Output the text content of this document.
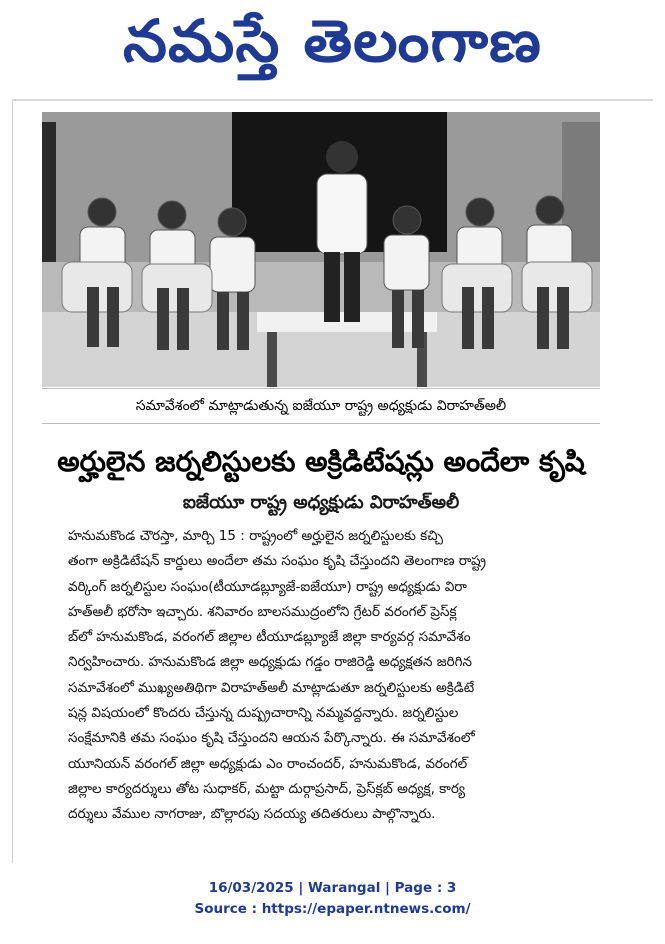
నమస్తే తెలంగాణ
సమావేశంలో మాట్లాడుతున్న ఐజేయూ రాష్ట్ర అధ్యక్షుడు విరాహత్‌అలీ
అర్హులైన జర్నలిస్టులకు అక్రిడిటేషన్లు అందేలా కృషి
ఐజేయూ రాష్ట్ర అధ్యక్షుడు విరాహత్‌అలీ
హనుమకొండ చౌరస్తా, మార్చి 15 : రాష్ట్రంలో అర్హులైన జర్నలిస్టులకు కచ్చి
తంగా అక్రిడిటేషన్ కార్డులు అందేలా తమ సంఘం కృషి చేస్తుందని తెలంగాణ రాష్ట్ర
వర్కింగ్ జర్నలిస్టుల సంఘం(టీయూడబ్ల్యూజే-ఐజేయూ) రాష్ట్ర అధ్యక్షుడు విరా
హత్‌అలీ భరోసా ఇచ్చారు. శనివారం బాలసముద్రంలోని గ్రేటర్ వరంగల్ ప్రెస్‌క్ల
బ్‌లో హనుమకొండ, వరంగల్ జిల్లాల టీయూడబ్ల్యూజే జిల్లా కార్యవర్గ సమావేశం
నిర్వహించారు. హనుమకొండ జిల్లా అధ్యక్షుడు గడ్డం రాజిరెడ్డి అధ్యక్షతన జరిగిన
సమావేశంలో ముఖ్యఅతిథిగా విరాహత్‌అలీ మాట్లాడుతూ జర్నలిస్టులకు అక్రిడిటే
షన్ల విషయంలో కొందరు చేస్తున్న దుష్ప్రచారాన్ని నమ్మవద్దన్నారు. జర్నలిస్టుల
సంక్షేమానికి తమ సంఘం కృషి చేస్తుందని ఆయన పేర్కొన్నారు. ఈ సమావేశంలో
యూనియన్ వరంగల్ జిల్లా అధ్యక్షుడు ఎం రాంచందర్, హనుమకొండ, వరంగల్
జిల్లాల కార్యదర్శులు తోట సుధాకర్, మట్టా దుర్గాప్రసాద్, ప్రెస్‌క్లబ్ అధ్యక్ష, కార్య
దర్శులు వేముల నాగరాజు, బొల్లారపు సదయ్య తదితరులు పాల్గొన్నారు.
16/03/2025 | Warangal | Page : 3
Source : https://epaper.ntnews.com/
